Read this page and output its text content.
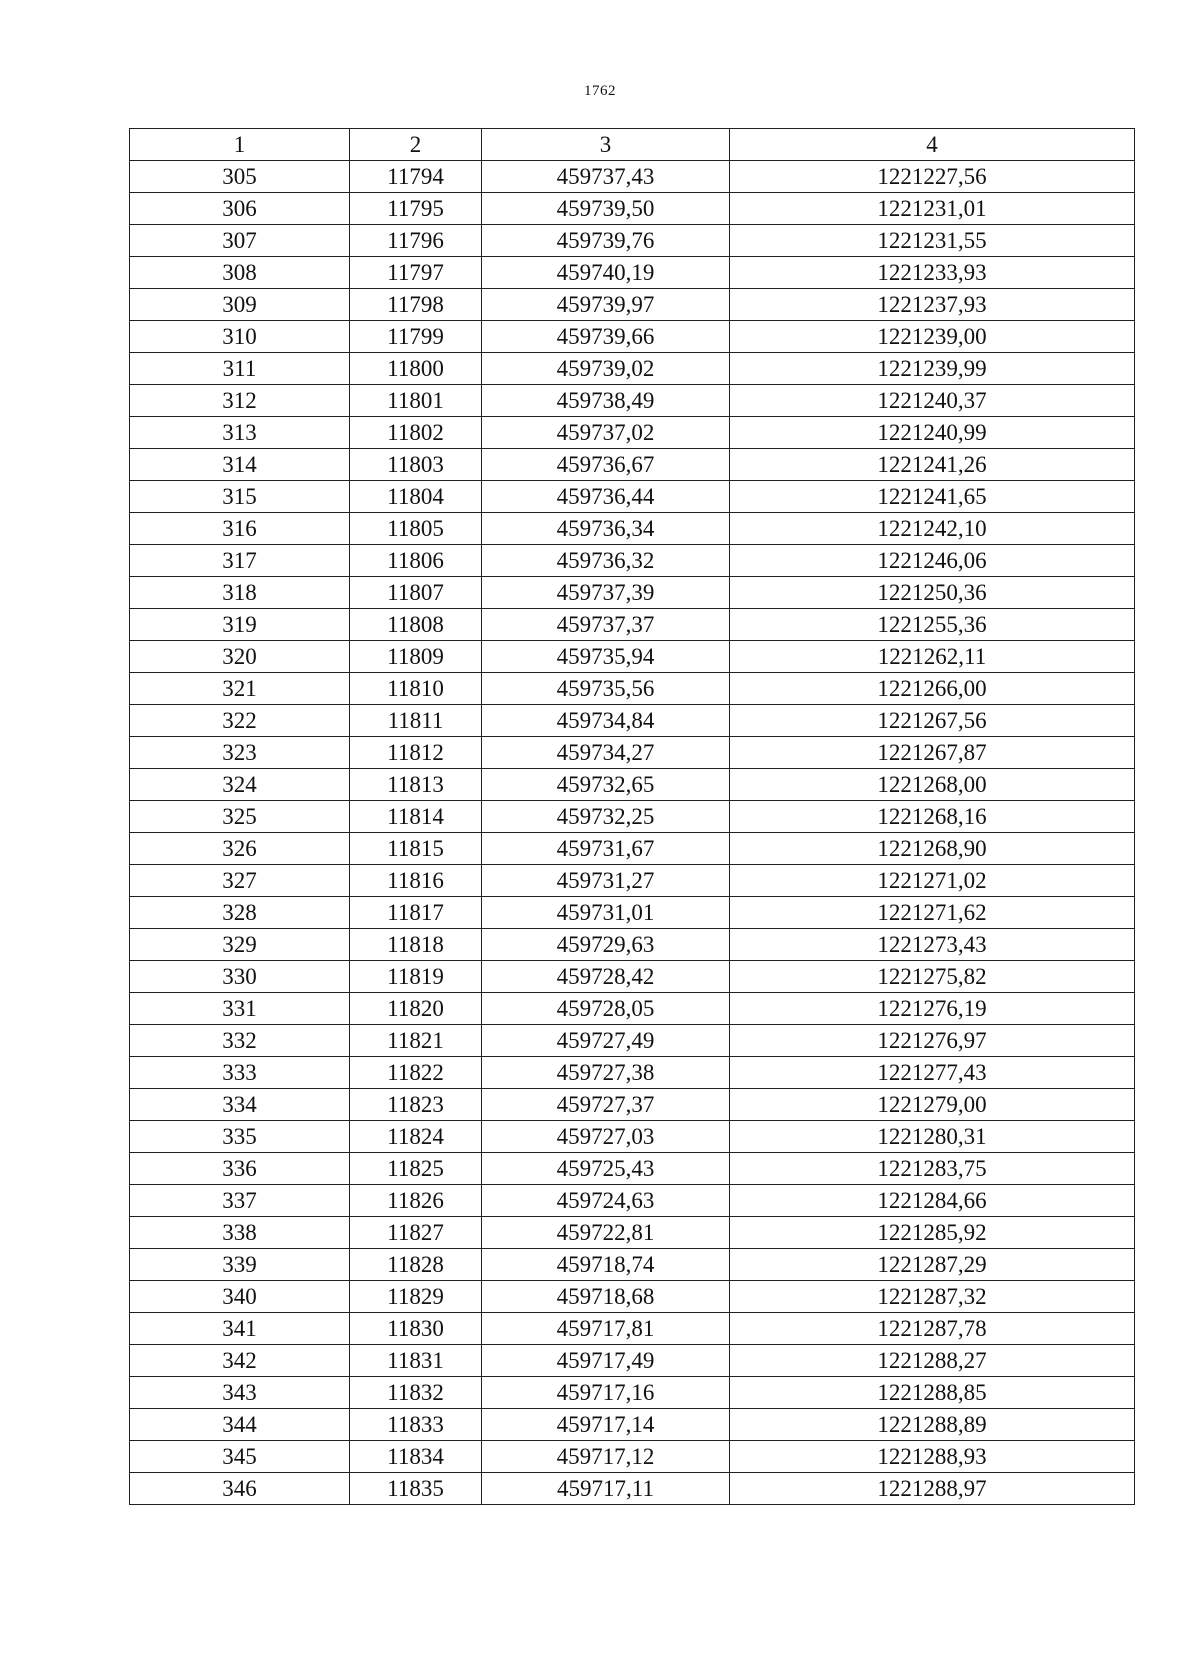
1762
1	2	3	4
305	11794	459737,43	1221227,56
306	11795	459739,50	1221231,01
307	11796	459739,76	1221231,55
308	11797	459740,19	1221233,93
309	11798	459739,97	1221237,93
310	11799	459739,66	1221239,00
311	11800	459739,02	1221239,99
312	11801	459738,49	1221240,37
313	11802	459737,02	1221240,99
314	11803	459736,67	1221241,26
315	11804	459736,44	1221241,65
316	11805	459736,34	1221242,10
317	11806	459736,32	1221246,06
318	11807	459737,39	1221250,36
319	11808	459737,37	1221255,36
320	11809	459735,94	1221262,11
321	11810	459735,56	1221266,00
322	11811	459734,84	1221267,56
323	11812	459734,27	1221267,87
324	11813	459732,65	1221268,00
325	11814	459732,25	1221268,16
326	11815	459731,67	1221268,90
327	11816	459731,27	1221271,02
328	11817	459731,01	1221271,62
329	11818	459729,63	1221273,43
330	11819	459728,42	1221275,82
331	11820	459728,05	1221276,19
332	11821	459727,49	1221276,97
333	11822	459727,38	1221277,43
334	11823	459727,37	1221279,00
335	11824	459727,03	1221280,31
336	11825	459725,43	1221283,75
337	11826	459724,63	1221284,66
338	11827	459722,81	1221285,92
339	11828	459718,74	1221287,29
340	11829	459718,68	1221287,32
341	11830	459717,81	1221287,78
342	11831	459717,49	1221288,27
343	11832	459717,16	1221288,85
344	11833	459717,14	1221288,89
345	11834	459717,12	1221288,93
346	11835	459717,11	1221288,97
